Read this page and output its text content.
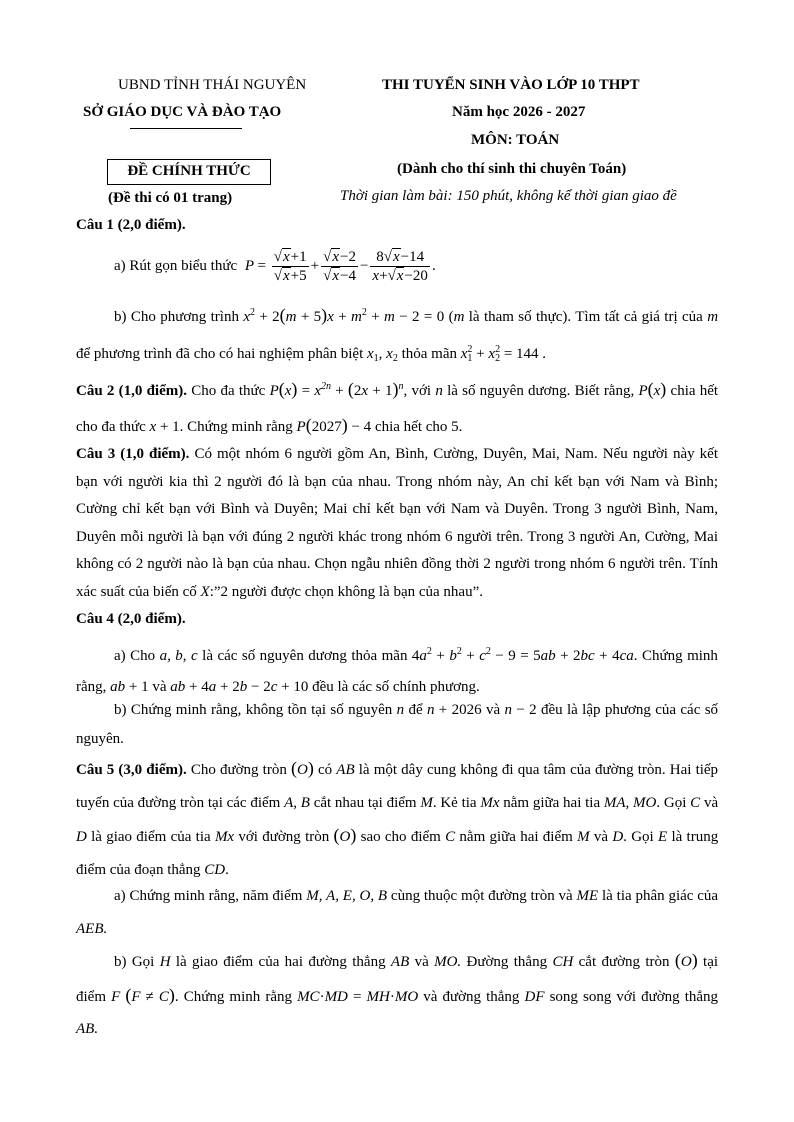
UBND TỈNH THÁI NGUYÊN
SỞ GIÁO DỤC VÀ ĐÀO TẠO
ĐỀ CHÍNH THỨC
(Đề thi có 01 trang)
THI TUYỂN SINH VÀO LỚP 10 THPT
Năm học 2026 - 2027
MÔN: TOÁN
(Dành cho thí sinh thi chuyên Toán)
Thời gian làm bài: 150 phút, không kể thời gian giao đề
Câu 1 (2,0 điểm).
a) Rút gọn biểu thức $P = \frac{√x+1}{√x+5} + \frac{√x-2}{√x-4} - \frac{8√x-14}{x+√x-20}$ .
b) Cho phương trình $x^2 + 2(m + 5)x + m^2 + m - 2 = 0$ (m là tham số thực). Tìm tất cả giá trị của m để phương trình đã cho có hai nghiệm phân biệt $x_1$, $x_2$ thỏa mãn $x_1^2 + x_2^2 = 144$ .
Câu 2 (1,0 điểm). Cho đa thức $P(x) = x^{2n} + (2x + 1)^n$, với n là số nguyên dương. Biết rằng, P(x) chia hết cho đa thức x + 1. Chứng minh rằng P(2027) − 4 chia hết cho 5.
Câu 3 (1,0 điểm). Có một nhóm 6 người gồm An, Bình, Cường, Duyên, Mai, Nam. Nếu người này kết bạn với người kia thì 2 người đó là bạn của nhau. Trong nhóm này, An chỉ kết bạn với Nam và Bình; Cường chỉ kết bạn với Bình và Duyên; Mai chỉ kết bạn với Nam và Duyên. Trong 3 người Bình, Nam, Duyên mỗi người là bạn với đúng 2 người khác trong nhóm 6 người trên. Trong 3 người An, Cường, Mai không có 2 người nào là bạn của nhau. Chọn ngẫu nhiên đồng thời 2 người trong nhóm 6 người trên. Tính xác suất của biến cố X:”2 người được chọn không là bạn của nhau”.
Câu 4 (2,0 điểm).
a) Cho a, b, c là các số nguyên dương thỏa mãn $4a^2 + b^2 + c^2 - 9 = 5ab + 2bc + 4ca$. Chứng minh rằng, ab + 1 và ab + 4a + 2b − 2c + 10 đều là các số chính phương.
b) Chứng minh rằng, không tồn tại số nguyên n để n + 2026 và n − 2 đều là lập phương của các số nguyên.
Câu 5 (3,0 điểm). Cho đường tròn (O) có AB là một dây cung không đi qua tâm của đường tròn. Hai tiếp tuyến của đường tròn tại các điểm A, B cắt nhau tại điểm M. Kẻ tia Mx nằm giữa hai tia MA, MO. Gọi C và D là giao điểm của tia Mx với đường tròn (O) sao cho điểm C nằm giữa hai điểm M và D. Gọi E là trung điểm của đoạn thẳng CD.
a) Chứng minh rằng, năm điểm M, A, E, O, B cùng thuộc một đường tròn và ME là tia phân giác của AEB.
b) Gọi H là giao điểm của hai đường thẳng AB và MO. Đường thẳng CH cắt đường tròn (O) tại điểm F (F ≠ C). Chứng minh rằng MC·MD = MH·MO và đường thẳng DF song song với đường thẳng AB.
